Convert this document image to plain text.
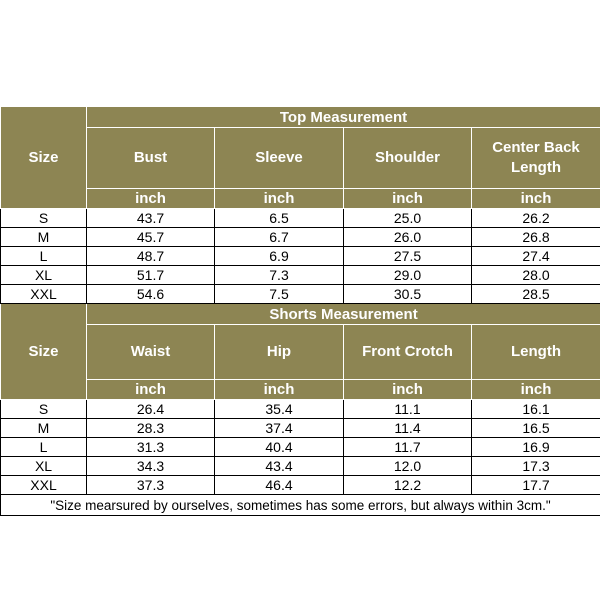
Size	Top Measurement			
	Bust	Sleeve	Shoulder	Center Back Length
	inch	inch	inch	inch
S	43.7	6.5	25.0	26.2
M	45.7	6.7	26.0	26.8
L	48.7	6.9	27.5	27.4
XL	51.7	7.3	29.0	28.0
XXL	54.6	7.5	30.5	28.5
Size	Shorts Measurement			
	Waist	Hip	Front Crotch	Length
	inch	inch	inch	inch
S	26.4	35.4	11.1	16.1
M	28.3	37.4	11.4	16.5
L	31.3	40.4	11.7	16.9
XL	34.3	43.4	12.0	17.3
XXL	37.3	46.4	12.2	17.7
"Size mearsured by ourselves, sometimes has some errors, but always within 3cm."				
